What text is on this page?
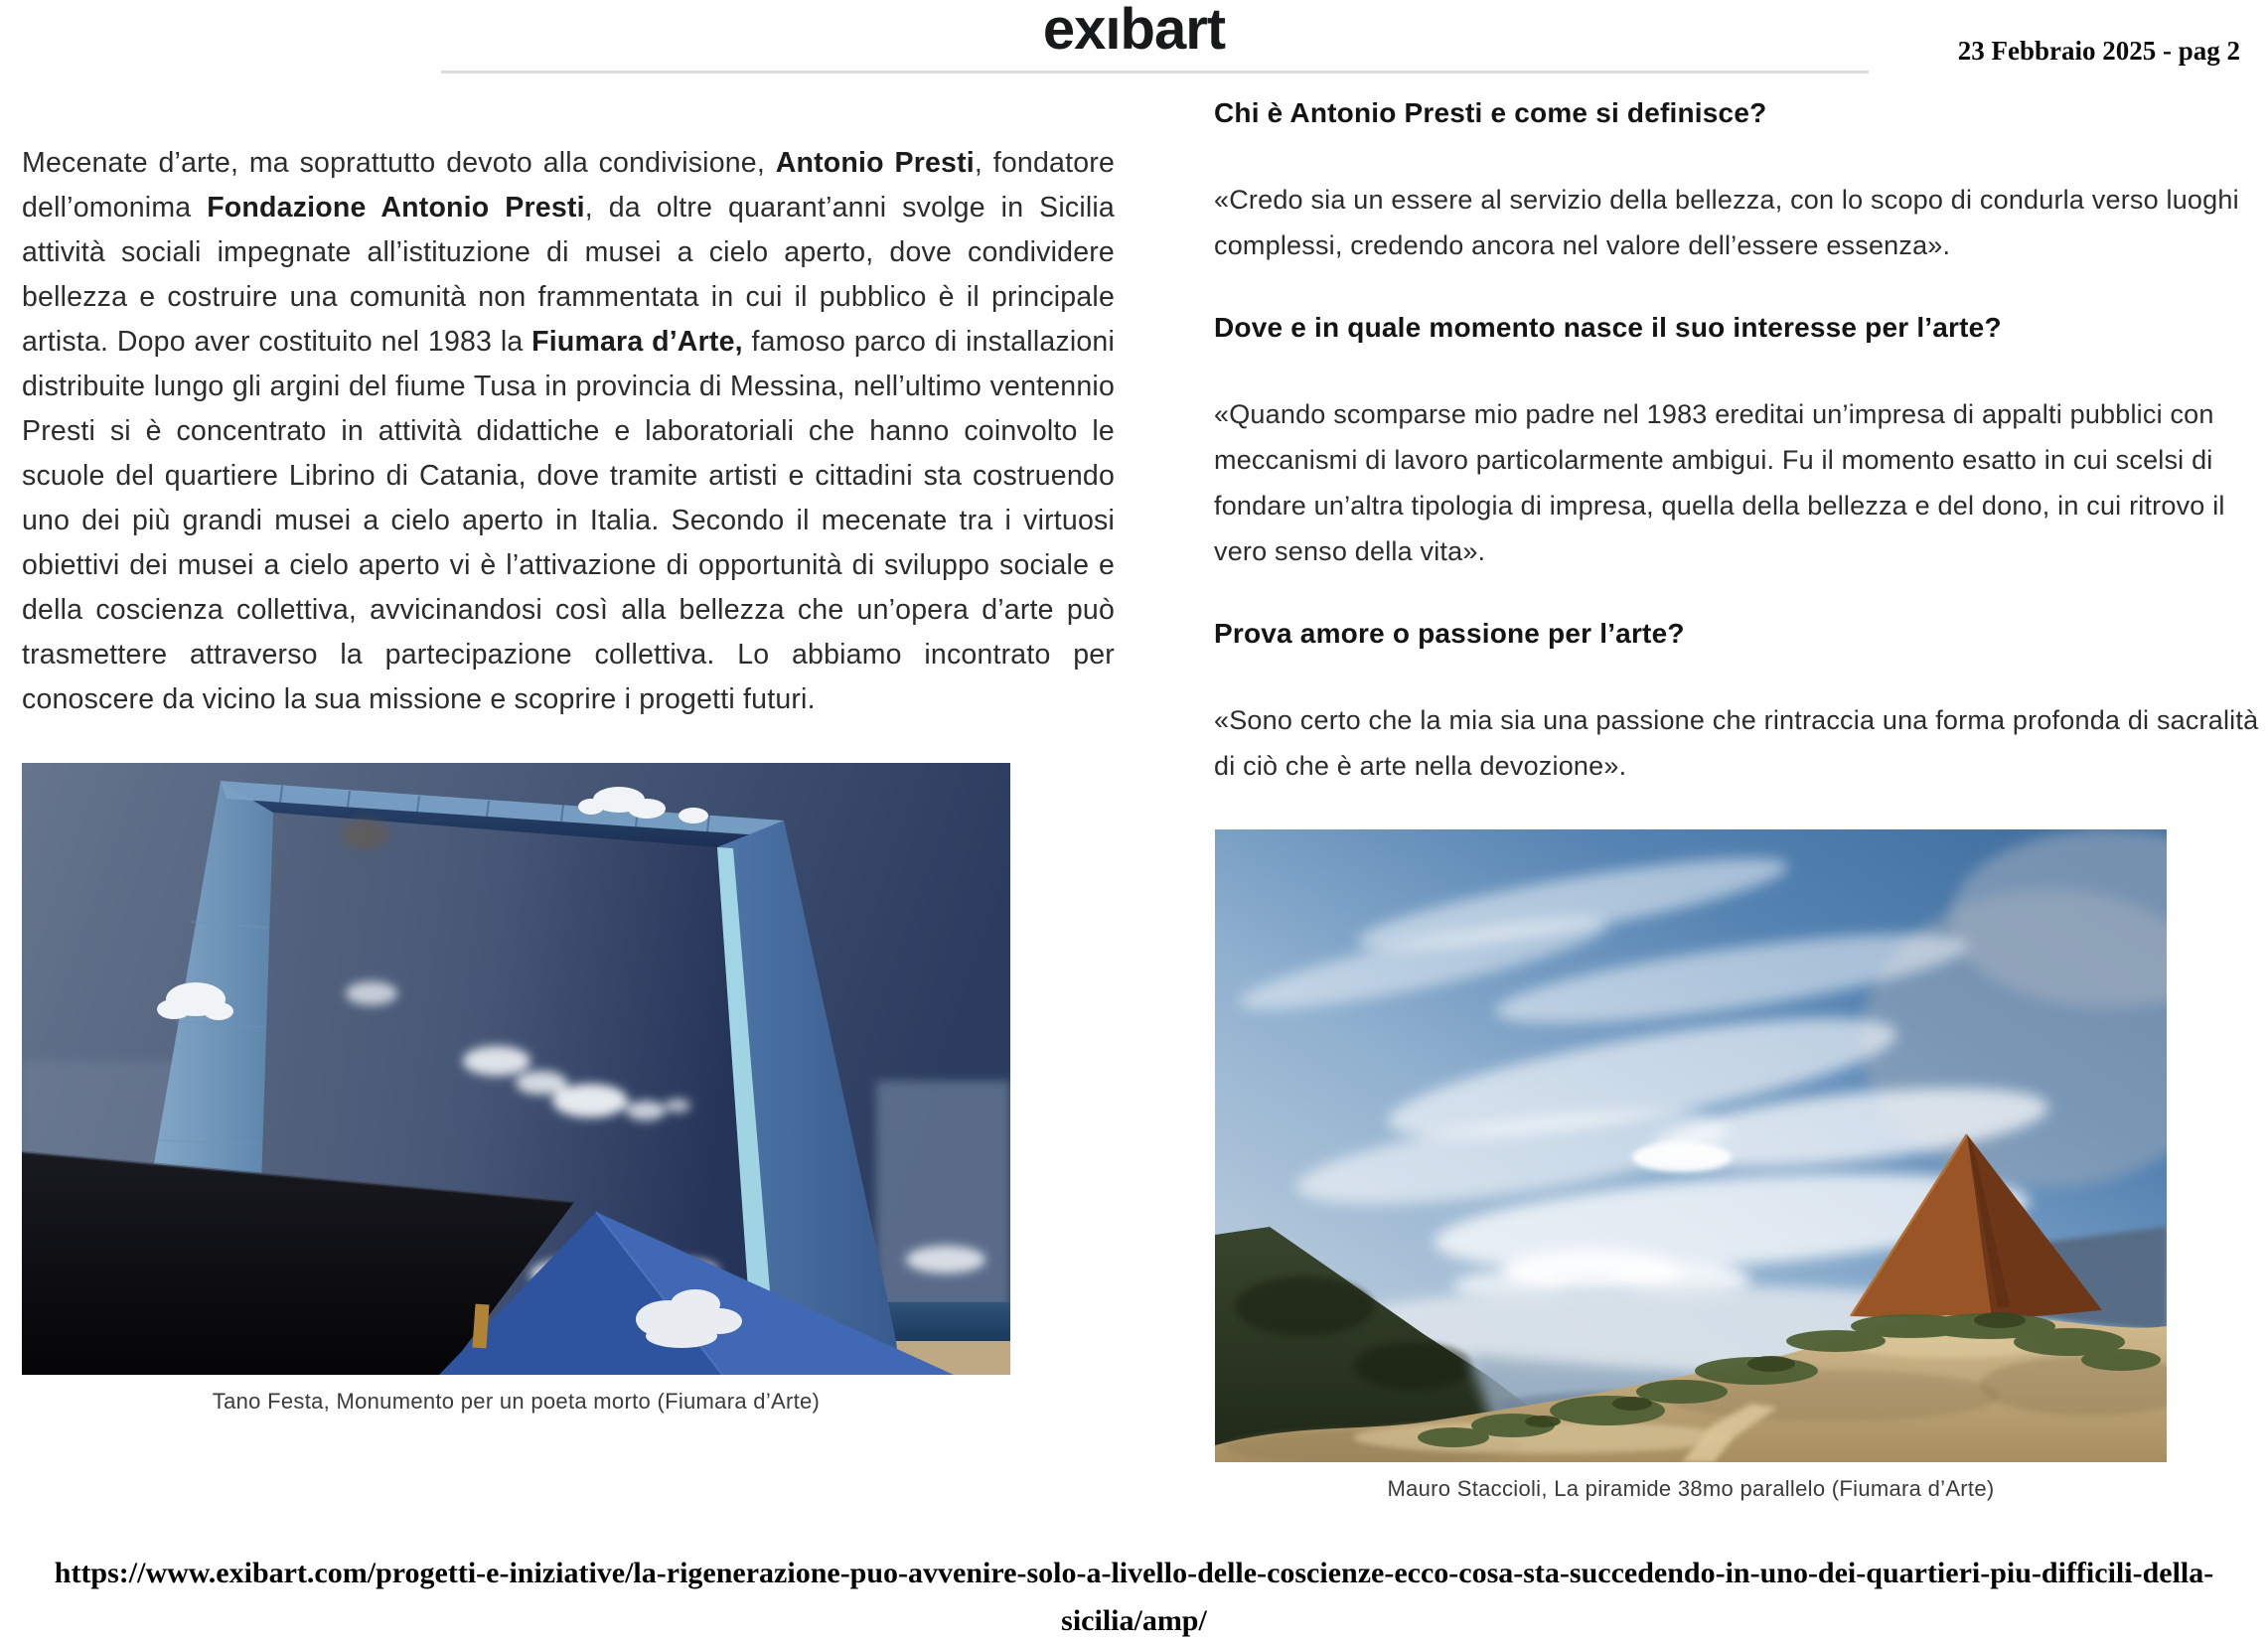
exıbart	23 Febbraio 2025 - pag 2

Mecenate d’arte, ma soprattutto devoto alla condivisione, Antonio Presti, fondatore dell’omonima Fondazione Antonio Presti, da oltre quarant’anni svolge in Sicilia attività sociali impegnate all’istituzione di musei a cielo aperto, dove condividere bellezza e costruire una comunità non frammentata in cui il pubblico è il principale artista. Dopo aver costituito nel 1983 la Fiumara d’Arte, famoso parco di installazioni distribuite lungo gli argini del fiume Tusa in provincia di Messina, nell’ultimo ventennio Presti si è concentrato in attività didattiche e laboratoriali che hanno coinvolto le scuole del quartiere Librino di Catania, dove tramite artisti e cittadini sta costruendo uno dei più grandi musei a cielo aperto in Italia. Secondo il mecenate tra i virtuosi obiettivi dei musei a cielo aperto vi è l’attivazione di opportunità di sviluppo sociale e della coscienza collettiva, avvicinandosi così alla bellezza che un’opera d’arte può trasmettere attraverso la partecipazione collettiva. Lo abbiamo incontrato per conoscere da vicino la sua missione e scoprire i progetti futuri.

Chi è Antonio Presti e come si definisce?

«Credo sia un essere al servizio della bellezza, con lo scopo di condurla verso luoghi complessi, credendo ancora nel valore dell’essere essenza».

Dove e in quale momento nasce il suo interesse per l’arte?

«Quando scomparse mio padre nel 1983 ereditai un’impresa di appalti pubblici con meccanismi di lavoro particolarmente ambigui. Fu il momento esatto in cui scelsi di fondare un’altra tipologia di impresa, quella della bellezza e del dono, in cui ritrovo il vero senso della vita».

Prova amore o passione per l’arte?

«Sono certo che la mia sia una passione che rintraccia una forma profonda di sacralità di ciò che è arte nella devozione».

Tano Festa, Monumento per un poeta morto (Fiumara d’Arte)
Mauro Staccioli, La piramide 38mo parallelo (Fiumara d’Arte)
https://www.exibart.com/progetti-e-iniziative/la-rigenerazione-puo-avvenire-solo-a-livello-delle-coscienze-ecco-cosa-sta-succedendo-in-uno-dei-quartieri-piu-difficili-della-sicilia/amp/
